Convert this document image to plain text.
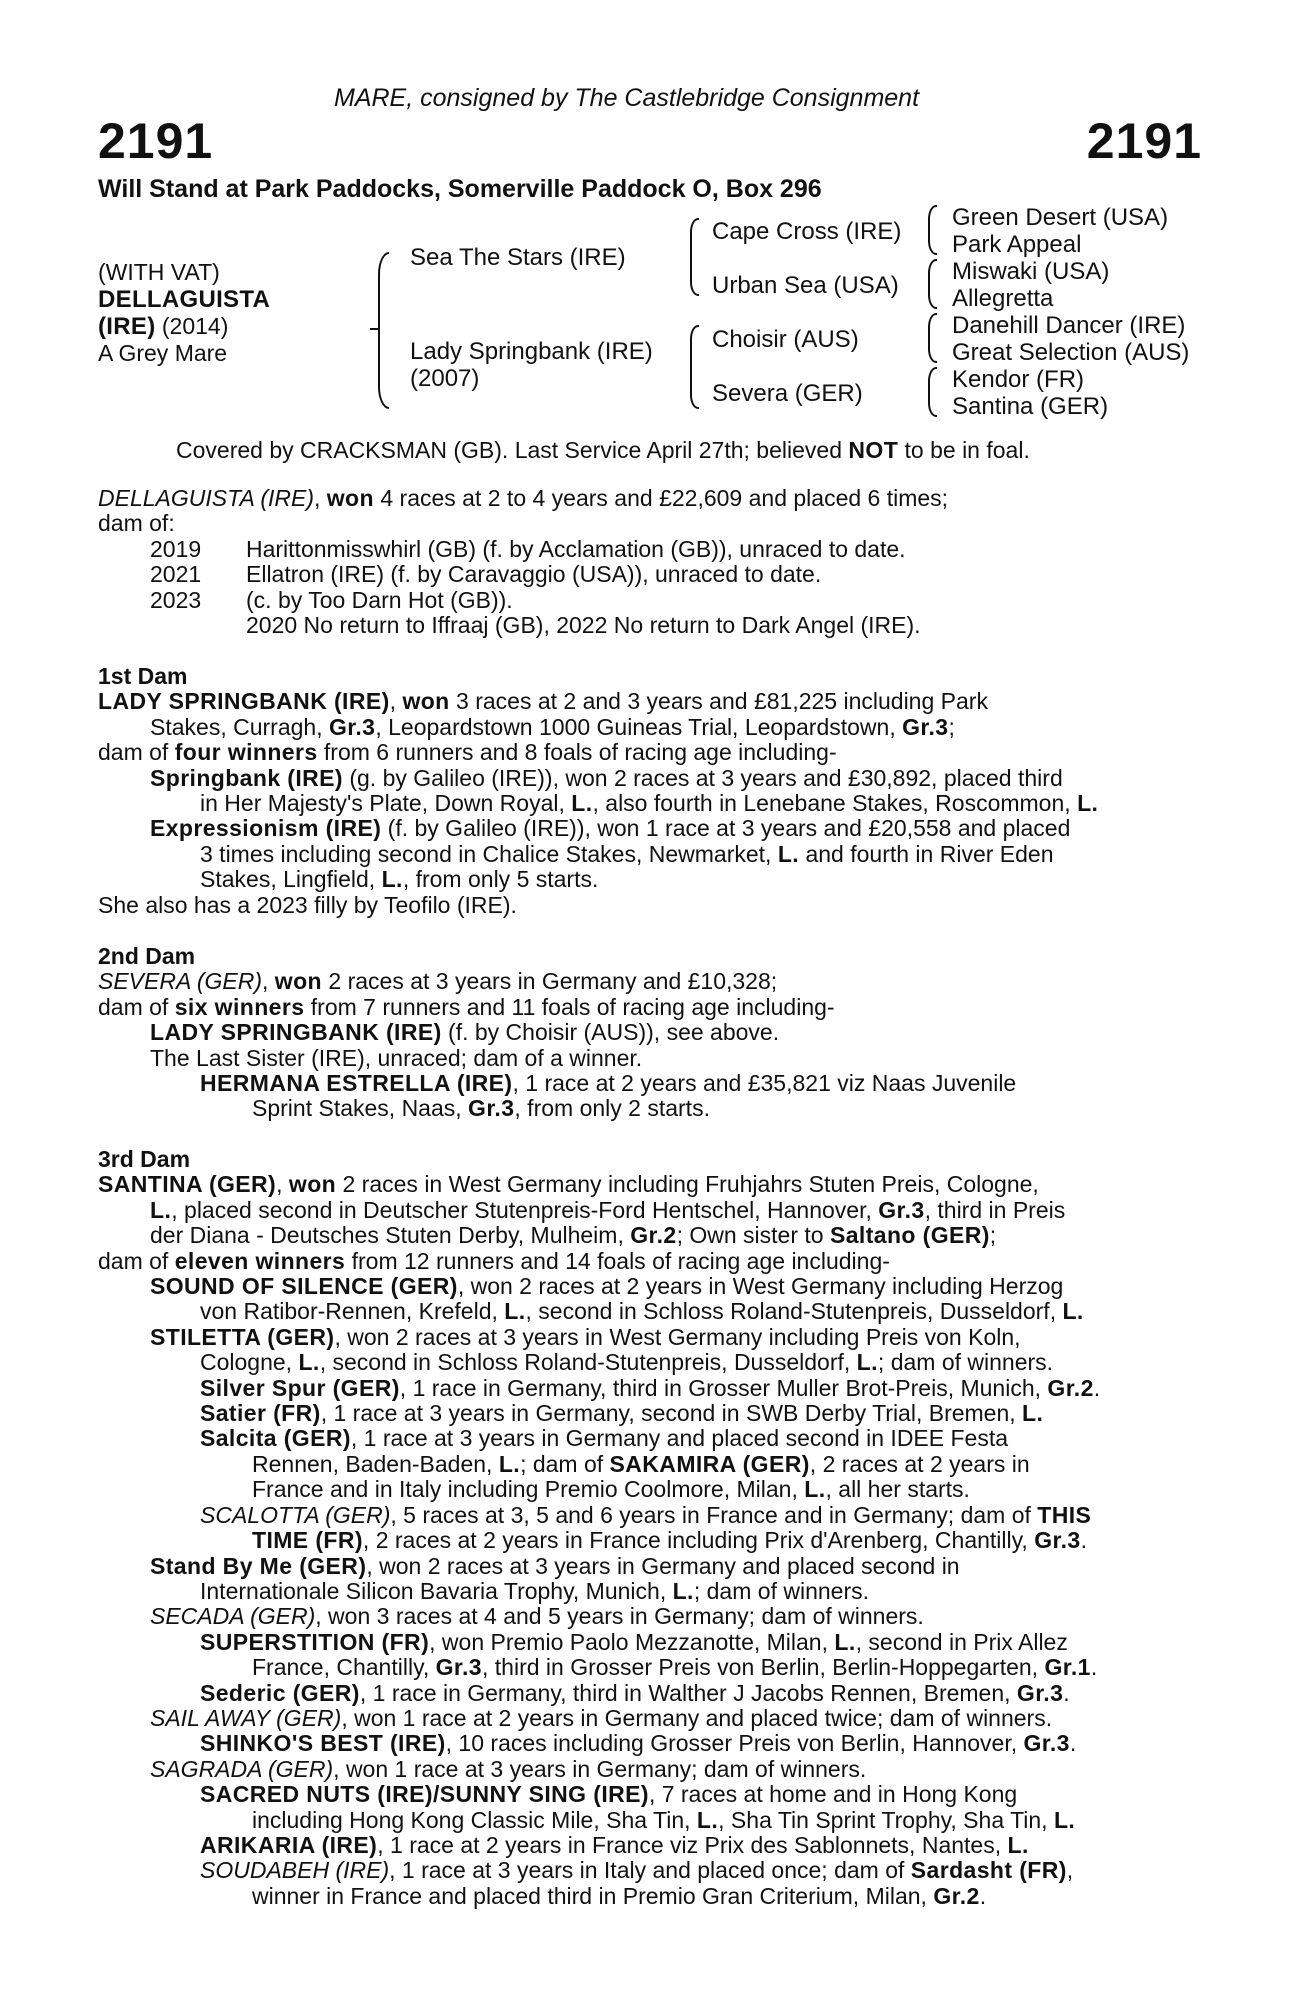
MARE, consigned by The Castlebridge Consignment
2191	2191
Will Stand at Park Paddocks, Somerville Paddock O, Box 296
(WITH VAT)
DELLAGUISTA
(IRE) (2014)
A Grey Mare
Sea The Stars (IRE)
Lady Springbank (IRE)
(2007)
Cape Cross (IRE)
Urban Sea (USA)
Choisir (AUS)
Severa (GER)
Green Desert (USA)
Park Appeal
Miswaki (USA)
Allegretta
Danehill Dancer (IRE)
Great Selection (AUS)
Kendor (FR)
Santina (GER)
Covered by CRACKSMAN (GB). Last Service April 27th; believed NOT to be in foal.
DELLAGUISTA (IRE), won 4 races at 2 to 4 years and £22,609 and placed 6 times;
dam of:
2019 Harittonmisswhirl (GB) (f. by Acclamation (GB)), unraced to date.
2021 Ellatron (IRE) (f. by Caravaggio (USA)), unraced to date.
2023 (c. by Too Darn Hot (GB)).
2020 No return to Iffraaj (GB), 2022 No return to Dark Angel (IRE).
1st Dam
LADY SPRINGBANK (IRE), won 3 races at 2 and 3 years and £81,225 including Park
Stakes, Curragh, Gr.3, Leopardstown 1000 Guineas Trial, Leopardstown, Gr.3;
dam of four winners from 6 runners and 8 foals of racing age including-
Springbank (IRE) (g. by Galileo (IRE)), won 2 races at 3 years and £30,892, placed third
in Her Majesty's Plate, Down Royal, L., also fourth in Lenebane Stakes, Roscommon, L.
Expressionism (IRE) (f. by Galileo (IRE)), won 1 race at 3 years and £20,558 and placed
3 times including second in Chalice Stakes, Newmarket, L. and fourth in River Eden
Stakes, Lingfield, L., from only 5 starts.
She also has a 2023 filly by Teofilo (IRE).
2nd Dam
SEVERA (GER), won 2 races at 3 years in Germany and £10,328;
dam of six winners from 7 runners and 11 foals of racing age including-
LADY SPRINGBANK (IRE) (f. by Choisir (AUS)), see above.
The Last Sister (IRE), unraced; dam of a winner.
HERMANA ESTRELLA (IRE), 1 race at 2 years and £35,821 viz Naas Juvenile
Sprint Stakes, Naas, Gr.3, from only 2 starts.
3rd Dam
SANTINA (GER), won 2 races in West Germany including Fruhjahrs Stuten Preis, Cologne,
L., placed second in Deutscher Stutenpreis-Ford Hentschel, Hannover, Gr.3, third in Preis
der Diana - Deutsches Stuten Derby, Mulheim, Gr.2; Own sister to Saltano (GER);
dam of eleven winners from 12 runners and 14 foals of racing age including-
SOUND OF SILENCE (GER), won 2 races at 2 years in West Germany including Herzog
von Ratibor-Rennen, Krefeld, L., second in Schloss Roland-Stutenpreis, Dusseldorf, L.
STILETTA (GER), won 2 races at 3 years in West Germany including Preis von Koln,
Cologne, L., second in Schloss Roland-Stutenpreis, Dusseldorf, L.; dam of winners.
Silver Spur (GER), 1 race in Germany, third in Grosser Muller Brot-Preis, Munich, Gr.2.
Satier (FR), 1 race at 3 years in Germany, second in SWB Derby Trial, Bremen, L.
Salcita (GER), 1 race at 3 years in Germany and placed second in IDEE Festa
Rennen, Baden-Baden, L.; dam of SAKAMIRA (GER), 2 races at 2 years in
France and in Italy including Premio Coolmore, Milan, L., all her starts.
SCALOTTA (GER), 5 races at 3, 5 and 6 years in France and in Germany; dam of THIS
TIME (FR), 2 races at 2 years in France including Prix d'Arenberg, Chantilly, Gr.3.
Stand By Me (GER), won 2 races at 3 years in Germany and placed second in
Internationale Silicon Bavaria Trophy, Munich, L.; dam of winners.
SECADA (GER), won 3 races at 4 and 5 years in Germany; dam of winners.
SUPERSTITION (FR), won Premio Paolo Mezzanotte, Milan, L., second in Prix Allez
France, Chantilly, Gr.3, third in Grosser Preis von Berlin, Berlin-Hoppegarten, Gr.1.
Sederic (GER), 1 race in Germany, third in Walther J Jacobs Rennen, Bremen, Gr.3.
SAIL AWAY (GER), won 1 race at 2 years in Germany and placed twice; dam of winners.
SHINKO'S BEST (IRE), 10 races including Grosser Preis von Berlin, Hannover, Gr.3.
SAGRADA (GER), won 1 race at 3 years in Germany; dam of winners.
SACRED NUTS (IRE)/SUNNY SING (IRE), 7 races at home and in Hong Kong
including Hong Kong Classic Mile, Sha Tin, L., Sha Tin Sprint Trophy, Sha Tin, L.
ARIKARIA (IRE), 1 race at 2 years in France viz Prix des Sablonnets, Nantes, L.
SOUDABEH (IRE), 1 race at 3 years in Italy and placed once; dam of Sardasht (FR),
winner in France and placed third in Premio Gran Criterium, Milan, Gr.2.
